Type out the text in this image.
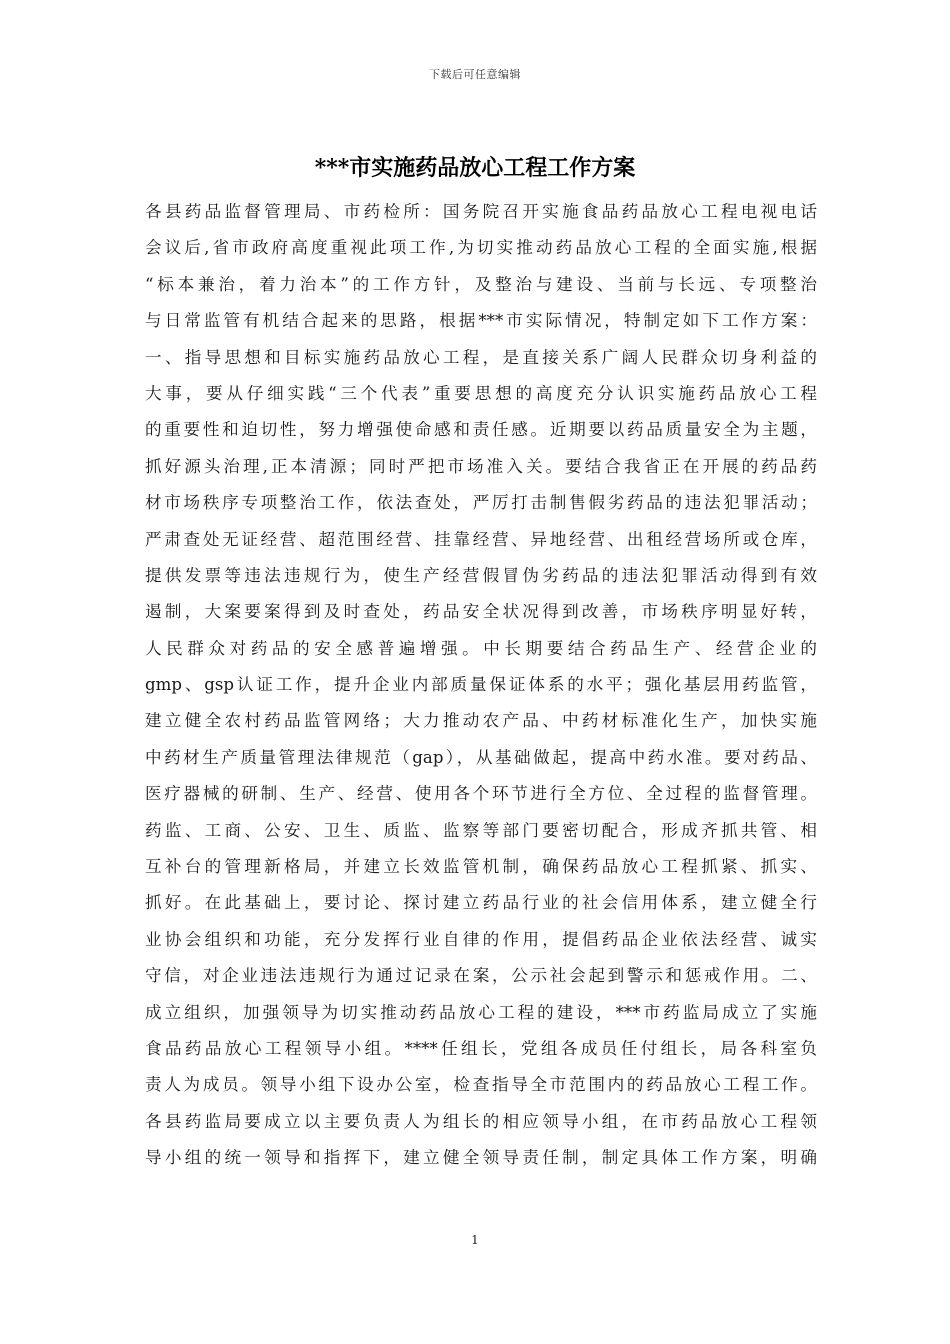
下载后可任意编辑
***市实施药品放心工程工作方案
各县药品监督管理局、市药检所：国务院召开实施食品药品放心工程电视电话
会议后,省市政府高度重视此项工作,为切实推动药品放心工程的全面实施,根据
“标本兼治，着力治本”的工作方针，及整治与建设、当前与长远、专项整治
与日常监管有机结合起来的思路，根据***市实际情况，特制定如下工作方案：
一、指导思想和目标实施药品放心工程，是直接关系广阔人民群众切身利益的
大事，要从仔细实践“三个代表”重要思想的高度充分认识实施药品放心工程
的重要性和迫切性，努力增强使命感和责任感。近期要以药品质量安全为主题，
抓好源头治理,正本清源；同时严把市场准入关。要结合我省正在开展的药品药
材市场秩序专项整治工作，依法查处，严厉打击制售假劣药品的违法犯罪活动；
严肃查处无证经营、超范围经营、挂靠经营、异地经营、出租经营场所或仓库，
提供发票等违法违规行为，使生产经营假冒伪劣药品的违法犯罪活动得到有效
遏制，大案要案得到及时查处，药品安全状况得到改善，市场秩序明显好转，
人民群众对药品的安全感普遍增强。中长期要结合药品生产、经营企业的
gmp、gsp认证工作，提升企业内部质量保证体系的水平；强化基层用药监管，
建立健全农村药品监管网络；大力推动农产品、中药材标准化生产，加快实施
中药材生产质量管理法律规范（gap），从基础做起，提高中药水准。要对药品、
医疗器械的研制、生产、经营、使用各个环节进行全方位、全过程的监督管理。
药监、工商、公安、卫生、质监、监察等部门要密切配合，形成齐抓共管、相
互补台的管理新格局，并建立长效监管机制，确保药品放心工程抓紧、抓实、
抓好。在此基础上，要讨论、探讨建立药品行业的社会信用体系，建立健全行
业协会组织和功能，充分发挥行业自律的作用，提倡药品企业依法经营、诚实
守信，对企业违法违规行为通过记录在案，公示社会起到警示和惩戒作用。二、
成立组织，加强领导为切实推动药品放心工程的建设，***市药监局成立了实施
食品药品放心工程领导小组。****任组长，党组各成员任付组长，局各科室负
责人为成员。领导小组下设办公室，检查指导全市范围内的药品放心工程工作。
各县药监局要成立以主要负责人为组长的相应领导小组，在市药品放心工程领
导小组的统一领导和指挥下，建立健全领导责任制，制定具体工作方案，明确
1
